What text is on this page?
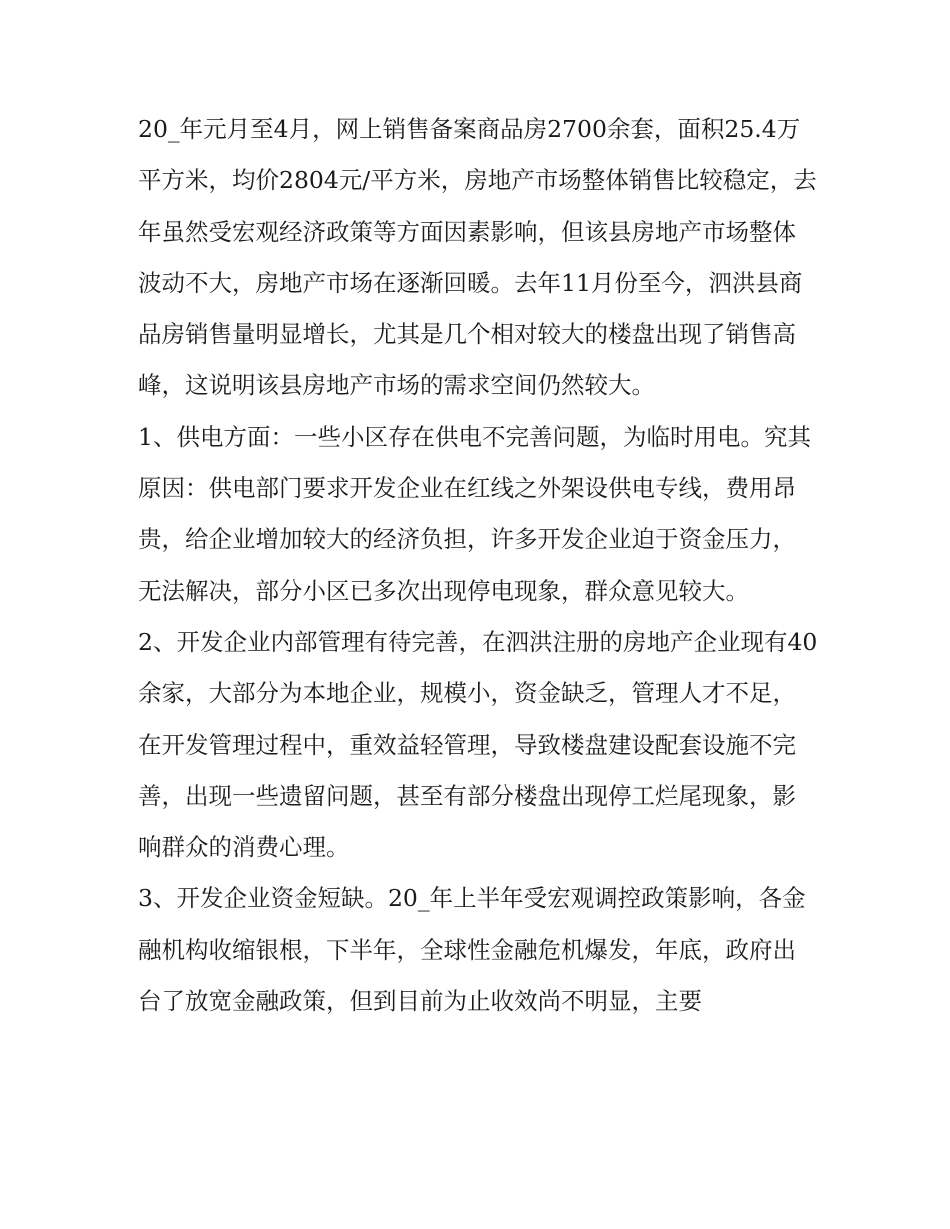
20_年元月至4月，网上销售备案商品房2700余套，面积25.4万平方米，均价2804元/平方米，房地产市场整体销售比较稳定，去年虽然受宏观经济政策等方面因素影响，但该县房地产市场整体波动不大，房地产市场在逐渐回暖。去年11月份至今，泗洪县商品房销售量明显增长，尤其是几个相对较大的楼盘出现了销售高峰，这说明该县房地产市场的需求空间仍然较大。

1、供电方面：一些小区存在供电不完善问题，为临时用电。究其原因：供电部门要求开发企业在红线之外架设供电专线，费用昂贵，给企业增加较大的经济负担，许多开发企业迫于资金压力，无法解决，部分小区已多次出现停电现象，群众意见较大。

2、开发企业内部管理有待完善，在泗洪注册的房地产企业现有40余家，大部分为本地企业，规模小，资金缺乏，管理人才不足，在开发管理过程中，重效益轻管理，导致楼盘建设配套设施不完善，出现一些遗留问题，甚至有部分楼盘出现停工烂尾现象，影响群众的消费心理。

3、开发企业资金短缺。20_年上半年受宏观调控政策影响，各金融机构收缩银根，下半年，全球性金融危机爆发，年底，政府出台了放宽金融政策，但到目前为止收效尚不明显，主要
